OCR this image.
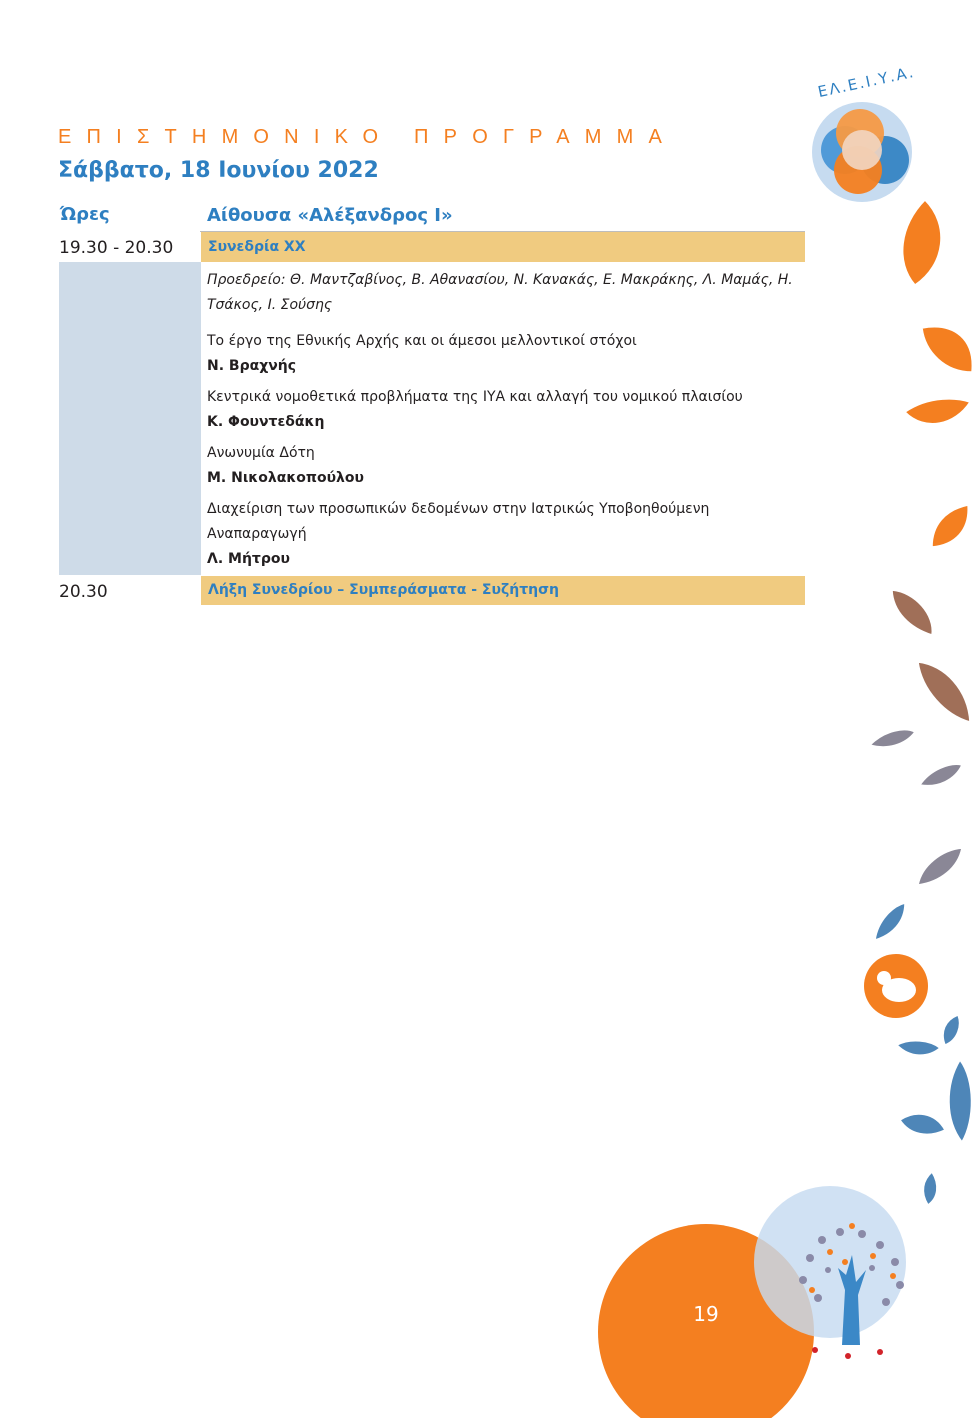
ΕΛ.Ε.Ι.Υ.Α.
ΕΠΙΣΤΗΜΟΝΙΚΟ ΠΡΟΓΡΑΜΜΑ
Σάββατο, 18 Ιουνίου 2022
Ώρες	Αίθουσα «Αλέξανδρος Ι»
19.30 - 20.30	Συνεδρία XX
Προεδρείο: Θ. Μαντζαβίνος, Β. Αθανασίου, Ν. Κανακάς, Ε. Μακράκης, Λ. Μαμάς, Η. Τσάκος, Ι. Σούσης
Το έργο της Εθνικής Αρχής και οι άμεσοι μελλοντικοί στόχοι
Ν. Βραχνής
Κεντρικά νομοθετικά προβλήματα της ΙΥΑ και αλλαγή του νομικού πλαισίου
Κ. Φουντεδάκη
Ανωνυμία Δότη
Μ. Νικολακοπούλου
Διαχείριση των προσωπικών δεδομένων στην Ιατρικώς Υποβοηθούμενη Αναπαραγωγή
Λ. Μήτρου
20.30	Λήξη Συνεδρίου – Συμπεράσματα - Συζήτηση
19
